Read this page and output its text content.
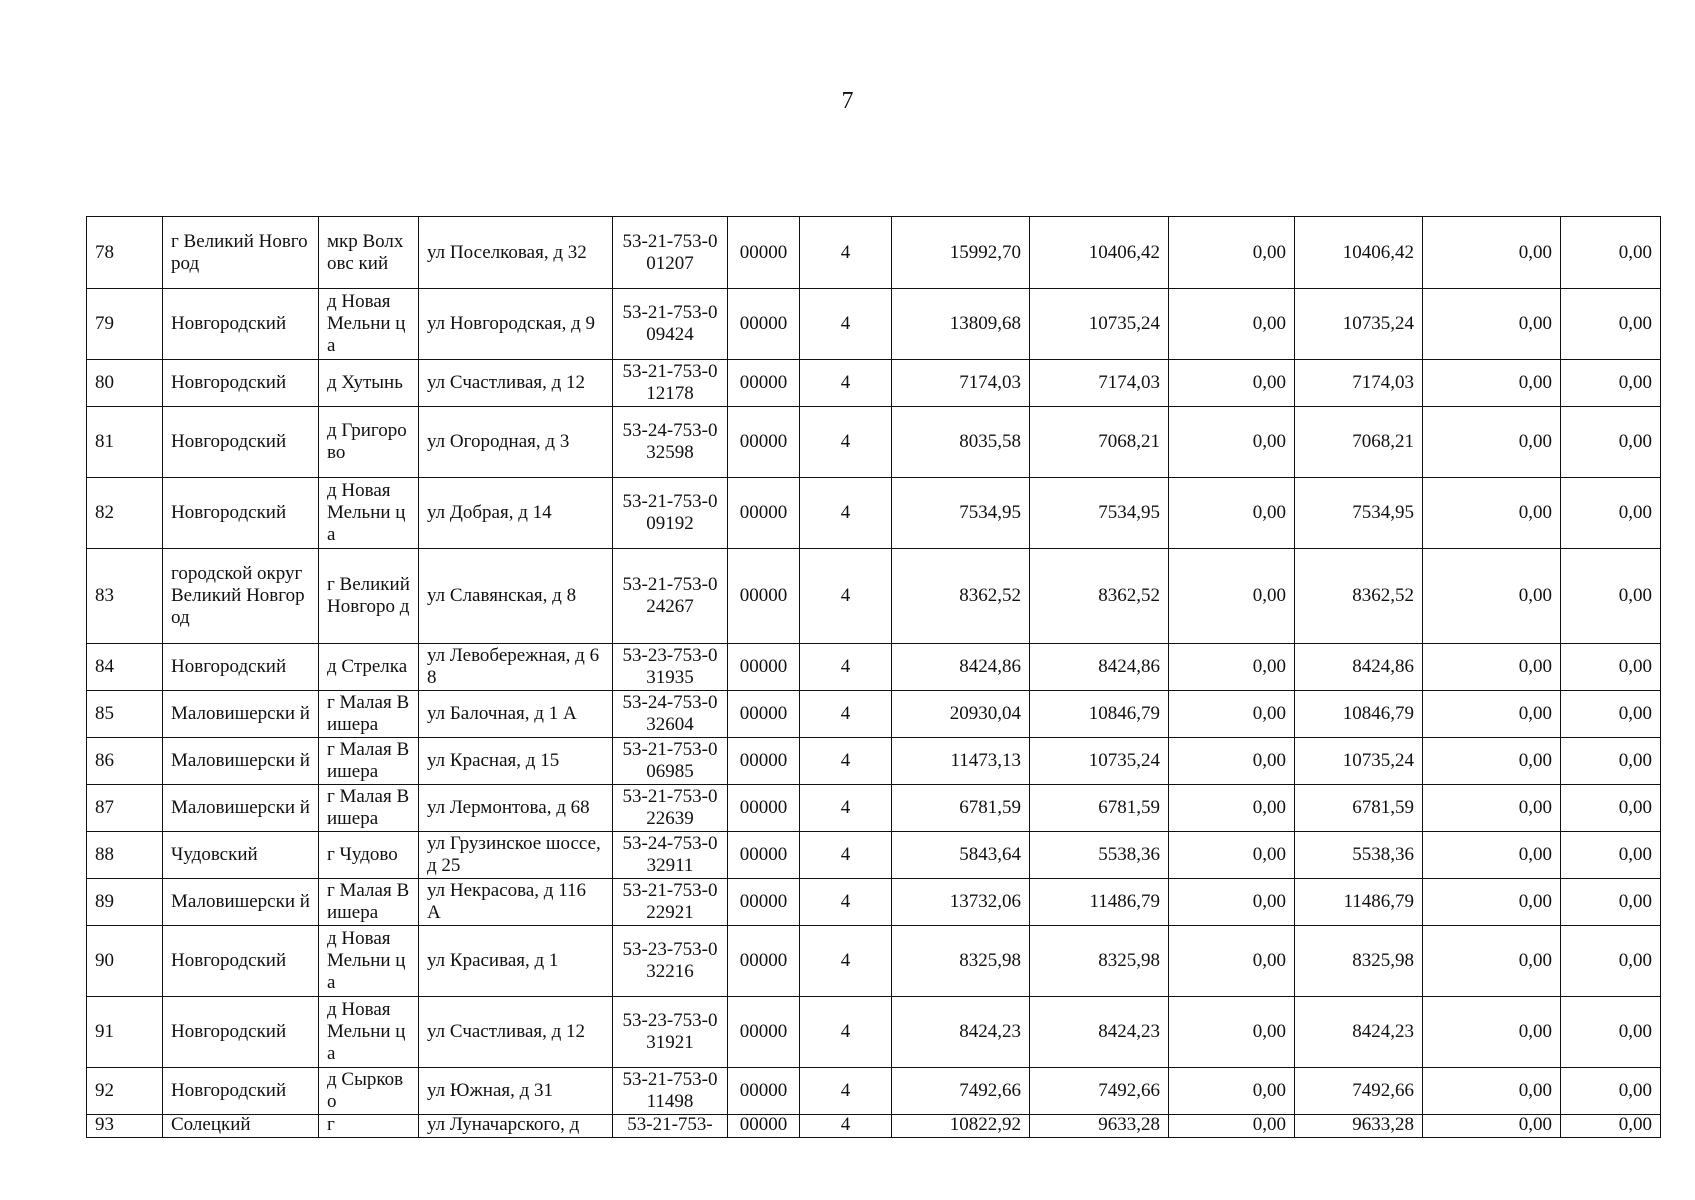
7
78	г Великий Новгород	мкр Волховс кий	ул Поселковая, д 32	53-21-753-001207	00000	4	15992,70	10406,42	0,00	10406,42	0,00	0,00
79	Новгородский	д Новая Мельни ца	ул Новгородская, д 9	53-21-753-009424	00000	4	13809,68	10735,24	0,00	10735,24	0,00	0,00
80	Новгородский	д Хутынь	ул Счастливая, д 12	53-21-753-012178	00000	4	7174,03	7174,03	0,00	7174,03	0,00	0,00
81	Новгородский	д Григоро во	ул Огородная, д 3	53-24-753-032598	00000	4	8035,58	7068,21	0,00	7068,21	0,00	0,00
82	Новгородский	д Новая Мельни ца	ул Добрая, д 14	53-21-753-009192	00000	4	7534,95	7534,95	0,00	7534,95	0,00	0,00
83	городской округ Великий Новгород	г Великий Новгоро д	ул Славянская, д 8	53-21-753-024267	00000	4	8362,52	8362,52	0,00	8362,52	0,00	0,00
84	Новгородский	д Стрелка	ул Левобережная, д 68	53-23-753-031935	00000	4	8424,86	8424,86	0,00	8424,86	0,00	0,00
85	Маловишерски й	г Малая Вишера	ул Балочная, д 1 А	53-24-753-032604	00000	4	20930,04	10846,79	0,00	10846,79	0,00	0,00
86	Маловишерски й	г Малая Вишера	ул Красная, д 15	53-21-753-006985	00000	4	11473,13	10735,24	0,00	10735,24	0,00	0,00
87	Маловишерски й	г Малая Вишера	ул Лермонтова, д 68	53-21-753-022639	00000	4	6781,59	6781,59	0,00	6781,59	0,00	0,00
88	Чудовский	г Чудово	ул Грузинское шоссе, д 25	53-24-753-032911	00000	4	5843,64	5538,36	0,00	5538,36	0,00	0,00
89	Маловишерски й	г Малая Вишера	ул Некрасова, д 116 А	53-21-753-022921	00000	4	13732,06	11486,79	0,00	11486,79	0,00	0,00
90	Новгородский	д Новая Мельни ца	ул Красивая, д 1	53-23-753-032216	00000	4	8325,98	8325,98	0,00	8325,98	0,00	0,00
91	Новгородский	д Новая Мельни ца	ул Счастливая, д 12	53-23-753-031921	00000	4	8424,23	8424,23	0,00	8424,23	0,00	0,00
92	Новгородский	д Сырково	ул Южная, д 31	53-21-753-011498	00000	4	7492,66	7492,66	0,00	7492,66	0,00	0,00
93	Солецкий	г	ул Луначарского, д	53-21-753-	00000	4	10822,92	9633,28	0,00	9633,28	0,00	0,00
